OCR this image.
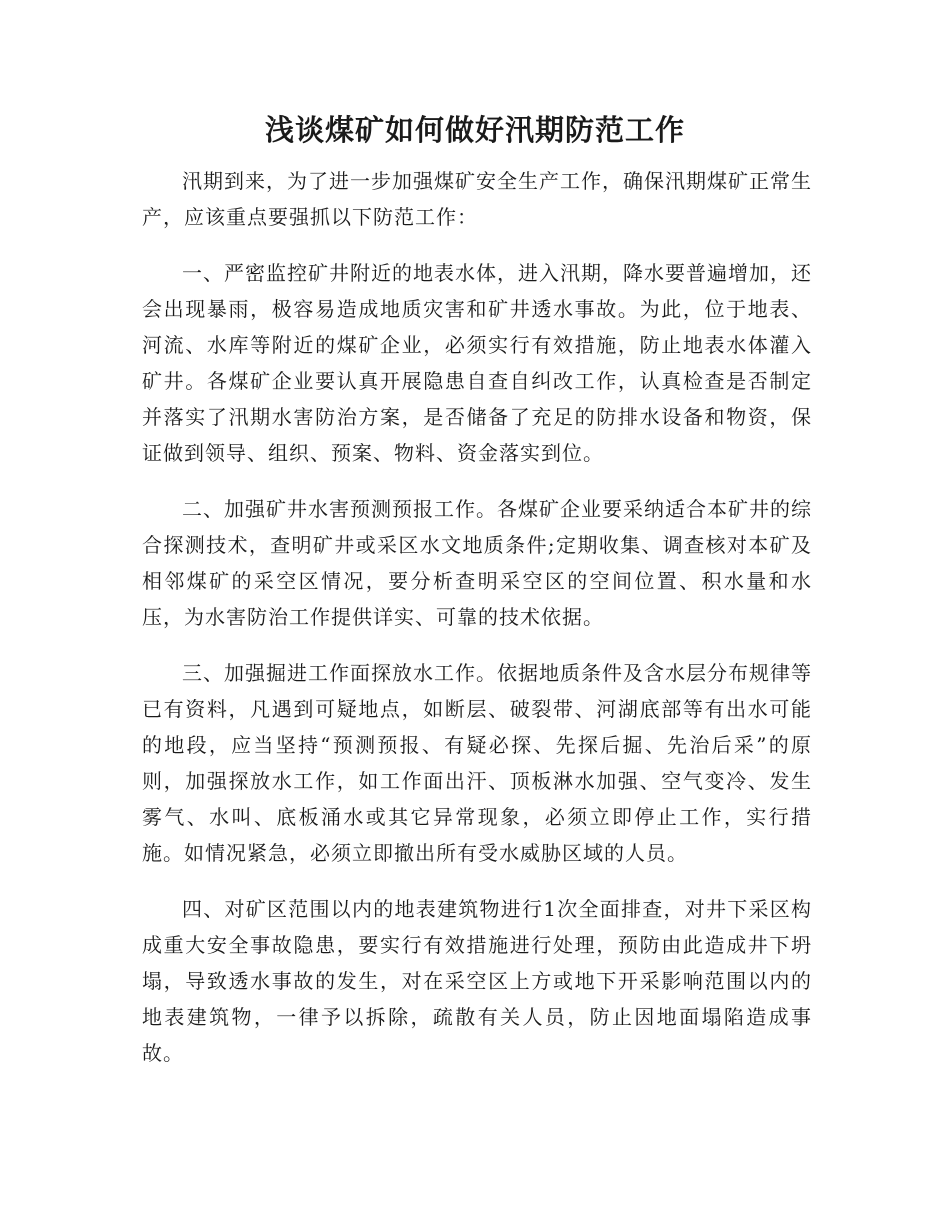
浅谈煤矿如何做好汛期防范工作

汛期到来，为了进一步加强煤矿安全生产工作，确保汛期煤矿正常生产，应该重点要强抓以下防范工作：

一、严密监控矿井附近的地表水体，进入汛期，降水要普遍增加，还会出现暴雨，极容易造成地质灾害和矿井透水事故。为此，位于地表、河流、水库等附近的煤矿企业，必须实行有效措施，防止地表水体灌入矿井。各煤矿企业要认真开展隐患自查自纠改工作，认真检查是否制定并落实了汛期水害防治方案，是否储备了充足的防排水设备和物资，保证做到领导、组织、预案、物料、资金落实到位。

二、加强矿井水害预测预报工作。各煤矿企业要采纳适合本矿井的综合探测技术，查明矿井或采区水文地质条件;定期收集、调查核对本矿及相邻煤矿的采空区情况，要分析查明采空区的空间位置、积水量和水压，为水害防治工作提供详实、可靠的技术依据。

三、加强掘进工作面探放水工作。依据地质条件及含水层分布规律等已有资料，凡遇到可疑地点，如断层、破裂带、河湖底部等有出水可能的地段，应当坚持“预测预报、有疑必探、先探后掘、先治后采”的原则，加强探放水工作，如工作面出汗、顶板淋水加强、空气变冷、发生雾气、水叫、底板涌水或其它异常现象，必须立即停止工作，实行措施。如情况紧急，必须立即撤出所有受水威胁区域的人员。

四、对矿区范围以内的地表建筑物进行1次全面排查，对井下采区构成重大安全事故隐患，要实行有效措施进行处理，预防由此造成井下坍塌，导致透水事故的发生，对在采空区上方或地下开采影响范围以内的地表建筑物，一律予以拆除，疏散有关人员，防止因地面塌陷造成事故。
